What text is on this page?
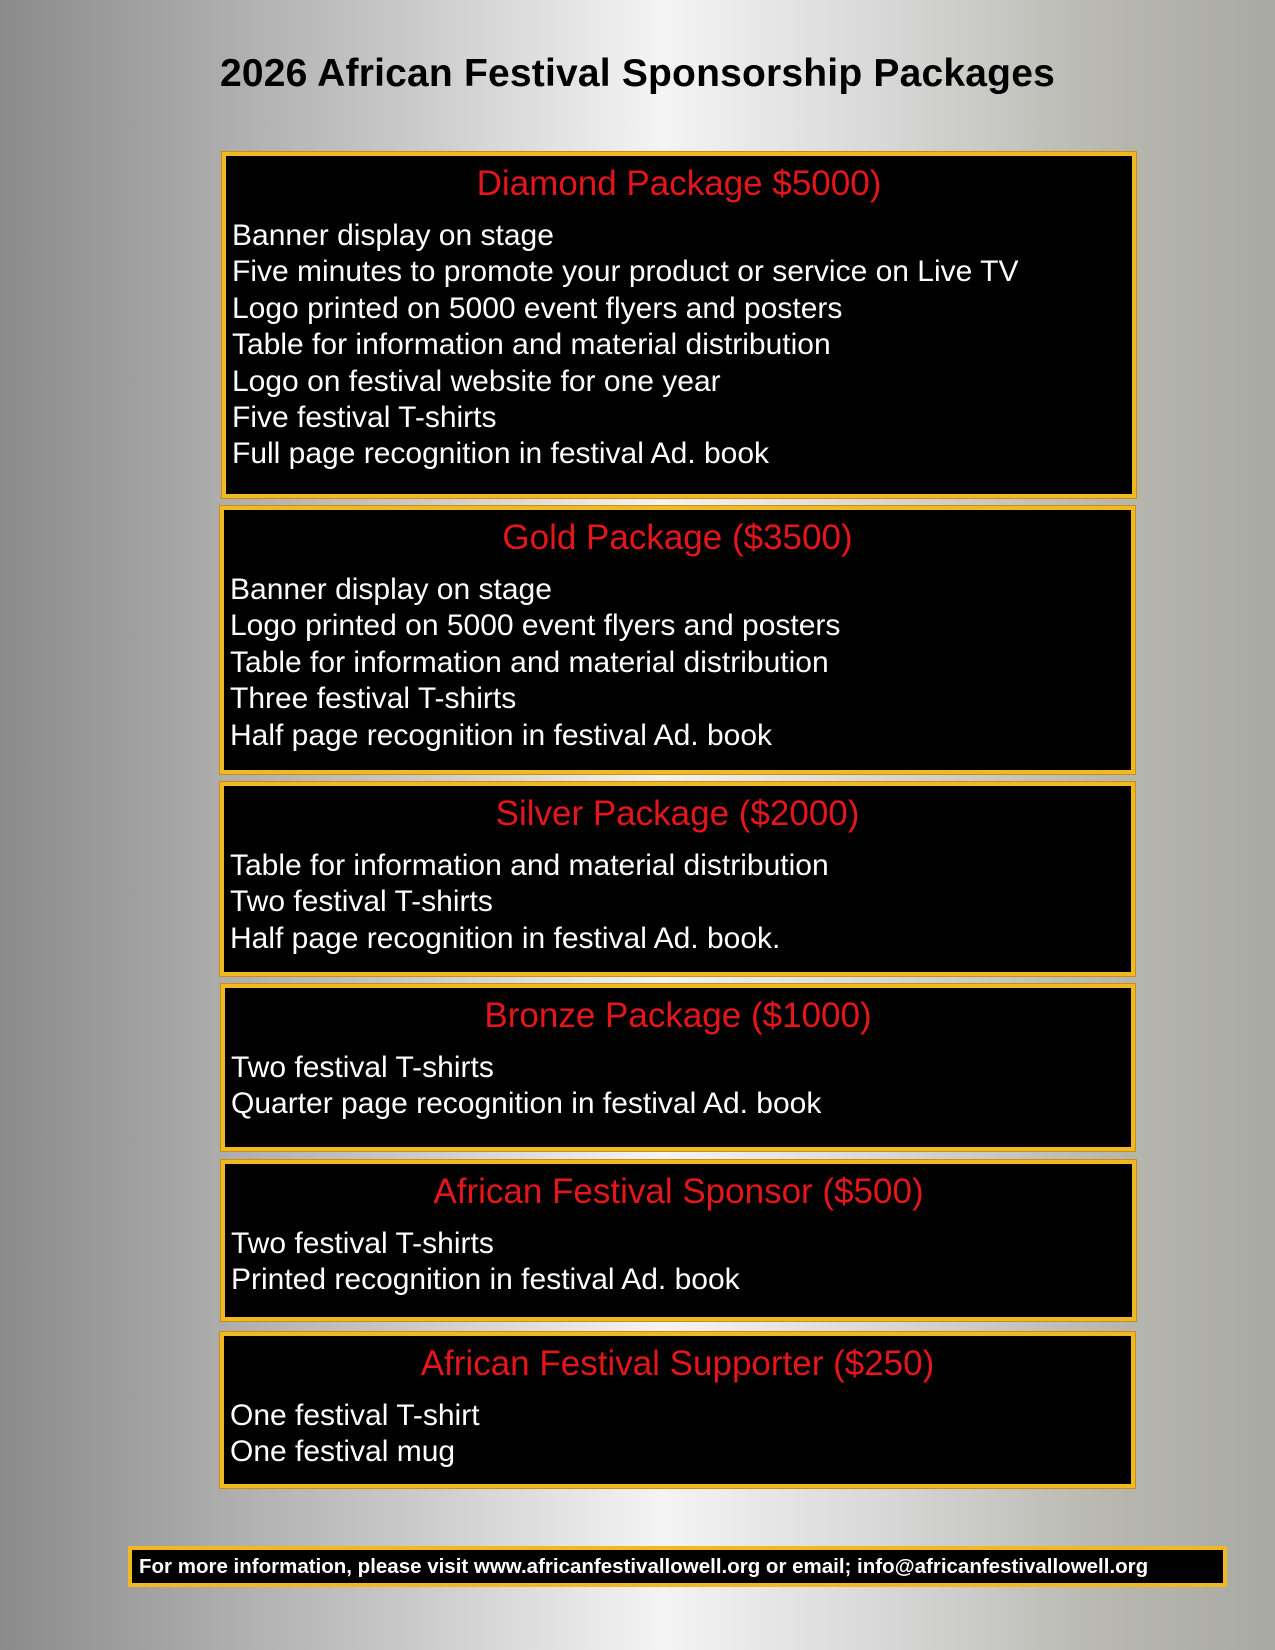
2026 African Festival Sponsorship Packages
Diamond Package $5000)
Banner display on stage
Five minutes to promote your product or service on Live TV
Logo printed on 5000 event flyers and posters
Table for information and material distribution
Logo on festival website for one year
Five festival T-shirts
Full page recognition in festival Ad. book
Gold Package ($3500)
Banner display on stage
Logo printed on 5000 event flyers and posters
Table for information and material distribution
Three festival T-shirts
Half page recognition in festival Ad. book
Silver Package ($2000)
Table for information and material distribution
Two festival T-shirts
Half page recognition in festival Ad. book.
Bronze Package ($1000)
Two festival T-shirts
Quarter page recognition in festival Ad. book
African Festival Sponsor ($500)
Two festival T-shirts
Printed recognition in festival Ad. book
African Festival Supporter ($250)
One festival T-shirt
One festival mug
For more information, please visit www.africanfestivallowell.org or email; info@africanfestivallowell.org
